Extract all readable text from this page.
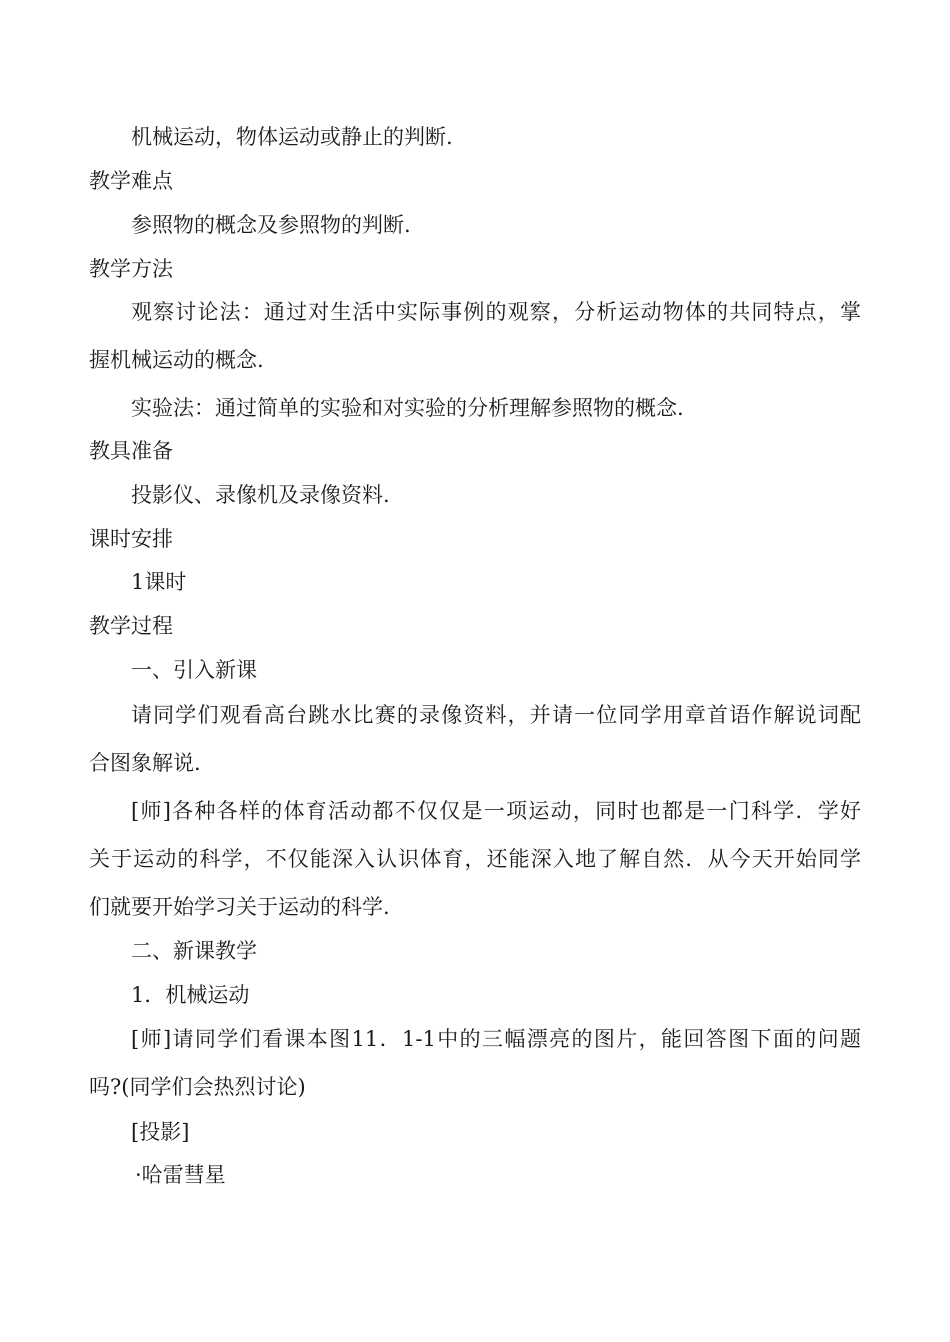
机械运动，物体运动或静止的判断.
教学难点
参照物的概念及参照物的判断.
教学方法
观察讨论法：通过对生活中实际事例的观察，分析运动物体的共同特点，掌
握机械运动的概念.
实验法：通过简单的实验和对实验的分析理解参照物的概念.
教具准备
投影仪、录像机及录像资料.
课时安排
1课时
教学过程
一、引入新课
请同学们观看高台跳水比赛的录像资料，并请一位同学用章首语作解说词配
合图象解说.
[师]各种各样的体育活动都不仅仅是一项运动，同时也都是一门科学．学好
关于运动的科学，不仅能深入认识体育，还能深入地了解自然．从今天开始同学
们就要开始学习关于运动的科学.
二、新课教学
1．机械运动
[师]请同学们看课本图11．1-1中的三幅漂亮的图片，能回答图下面的问题
吗?(同学们会热烈讨论)
[投影]
·哈雷彗星
